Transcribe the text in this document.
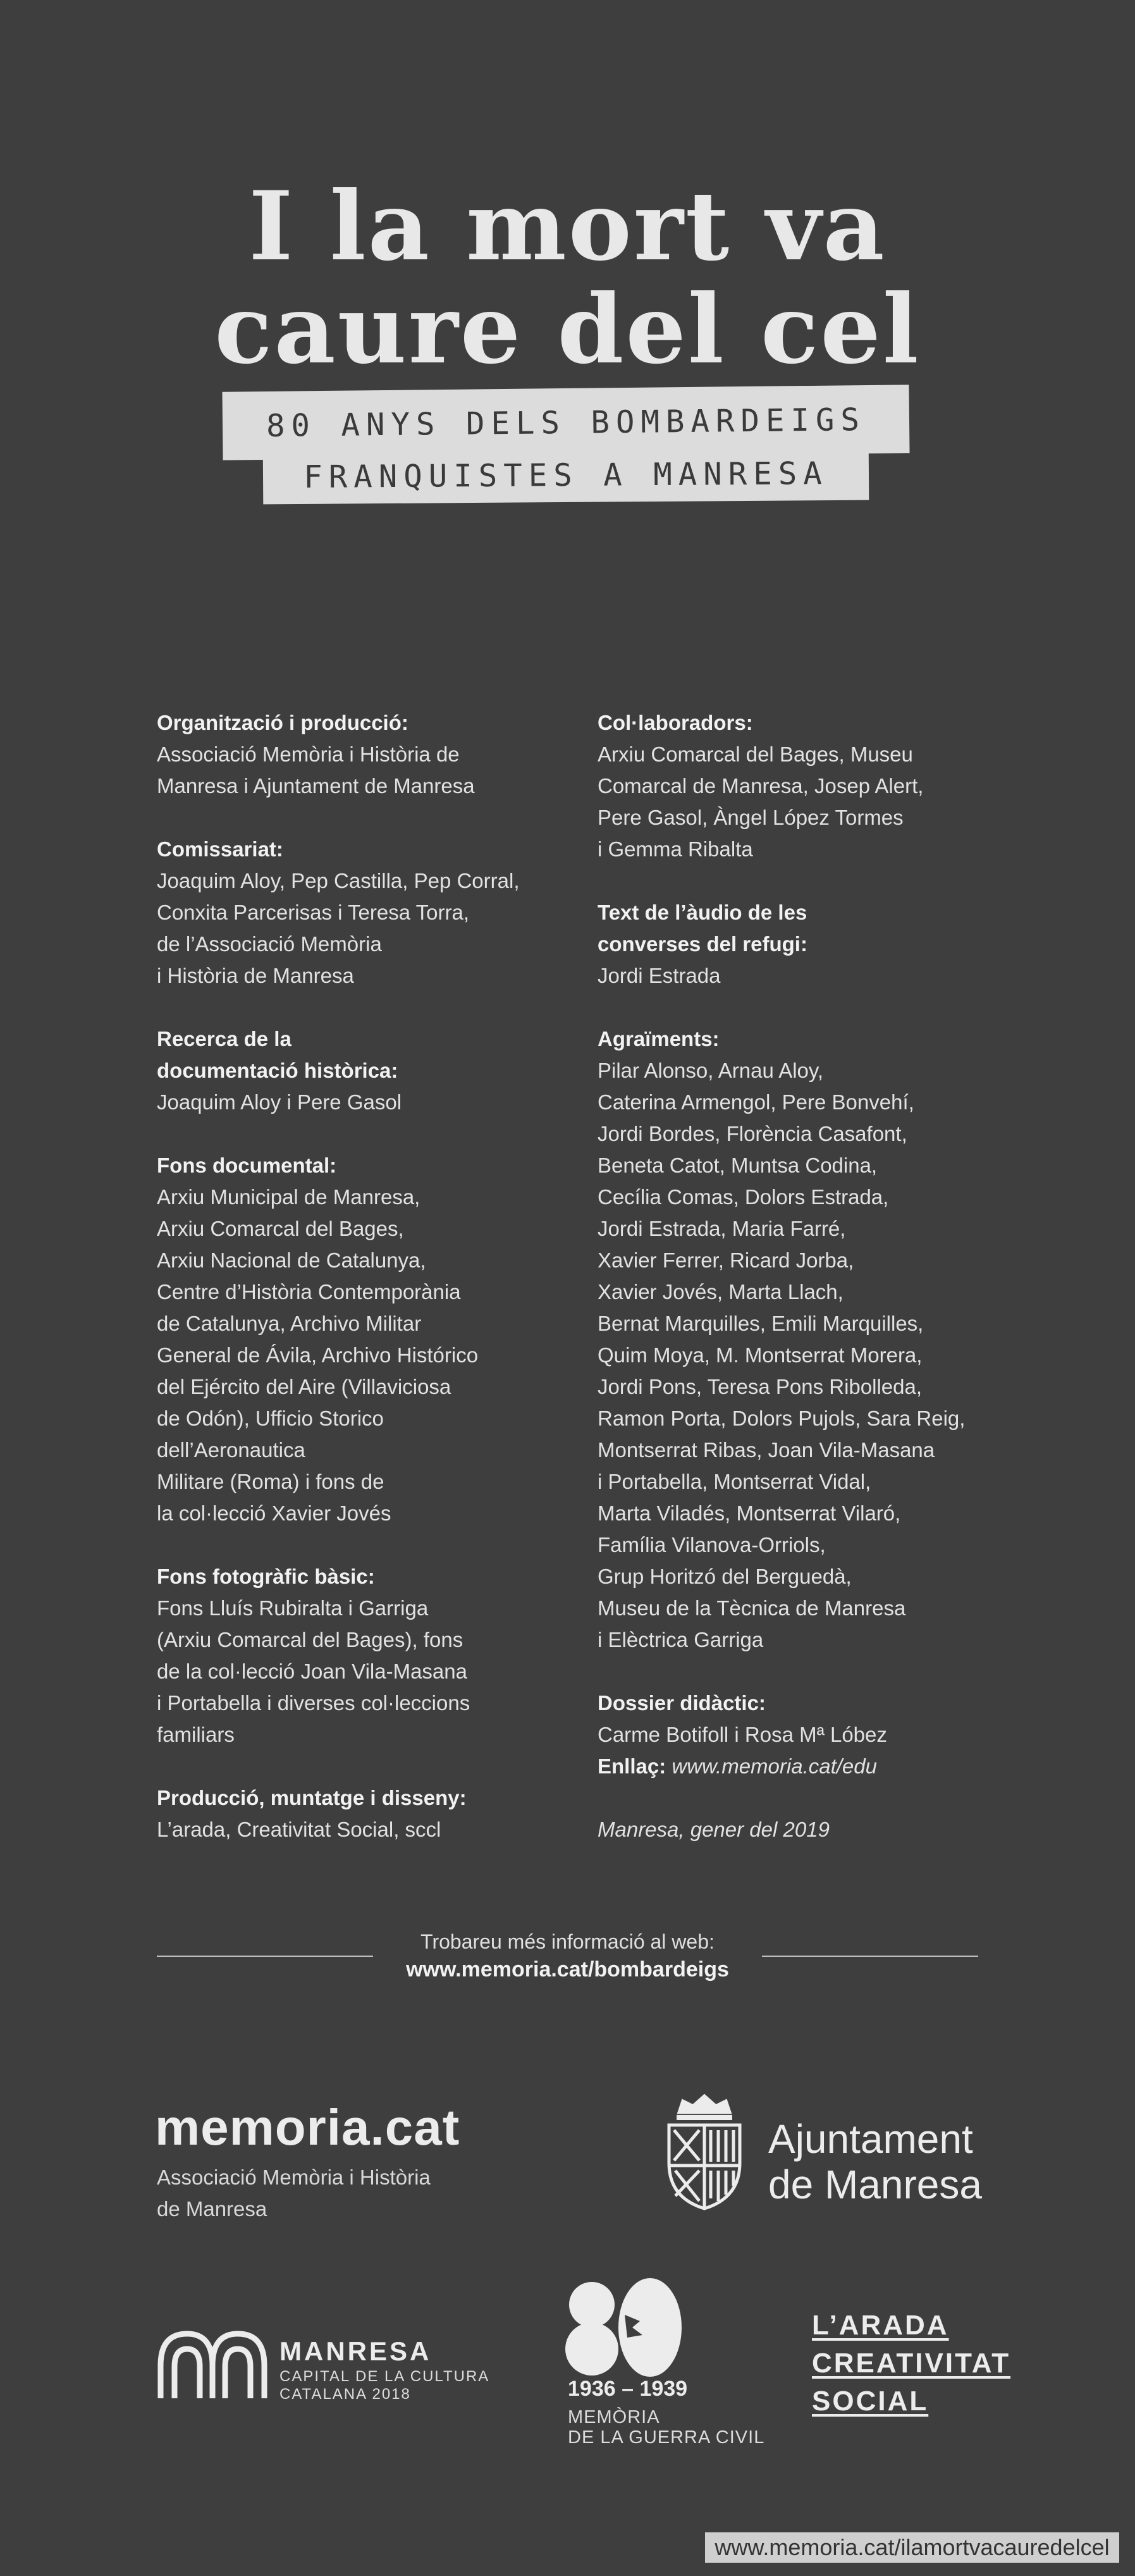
I la mort va
caure del cel
80 ANYS DELS BOMBARDEIGS
FRANQUISTES A MANRESA
Organització i producció:
Associació Memòria i Història de
Manresa i Ajuntament de Manresa
Comissariat:
Joaquim Aloy, Pep Castilla, Pep Corral,
Conxita Parcerisas i Teresa Torra,
de l’Associació Memòria
i Història de Manresa
Recerca de la
documentació històrica:
Joaquim Aloy i Pere Gasol
Fons documental:
Arxiu Municipal de Manresa,
Arxiu Comarcal del Bages,
Arxiu Nacional de Catalunya,
Centre d’Història Contemporània
de Catalunya, Archivo Militar
General de Ávila, Archivo Histórico
del Ejército del Aire (Villaviciosa
de Odón), Ufficio Storico
dell’Aeronautica
Militare (Roma) i fons de
la col·lecció Xavier Jovés
Fons fotogràfic bàsic:
Fons Lluís Rubiralta i Garriga
(Arxiu Comarcal del Bages), fons
de la col·lecció Joan Vila-Masana
i Portabella i diverses col·leccions
familiars
Producció, muntatge i disseny:
L’arada, Creativitat Social, sccl
Col·laboradors:
Arxiu Comarcal del Bages, Museu
Comarcal de Manresa, Josep Alert,
Pere Gasol, Àngel López Tormes
i Gemma Ribalta
Text de l’àudio de les
converses del refugi:
Jordi Estrada
Agraïments:
Pilar Alonso, Arnau Aloy,
Caterina Armengol, Pere Bonvehí,
Jordi Bordes, Florència Casafont,
Beneta Catot, Muntsa Codina,
Cecília Comas, Dolors Estrada,
Jordi Estrada, Maria Farré,
Xavier Ferrer, Ricard Jorba,
Xavier Jovés, Marta Llach,
Bernat Marquilles, Emili Marquilles,
Quim Moya, M. Montserrat Morera,
Jordi Pons, Teresa Pons Ribolleda,
Ramon Porta, Dolors Pujols, Sara Reig,
Montserrat Ribas, Joan Vila-Masana
i Portabella, Montserrat Vidal,
Marta Viladés, Montserrat Vilaró,
Família Vilanova-Orriols,
Grup Horitzó del Berguedà,
Museu de la Tècnica de Manresa
i Elèctrica Garriga
Dossier didàctic:
Carme Botifoll i Rosa Mª Lóbez
Enllaç: www.memoria.cat/edu
Manresa, gener del 2019
Trobareu més informació al web:
www.memoria.cat/bombardeigs
memoria.cat
Associació Memòria i Història
de Manresa
Ajuntament
de Manresa
MANRESA
CAPITAL DE LA CULTURA
CATALANA 2018	1936 – 1939
MEMÒRIA
DE LA GUERRA CIVIL
L’ARADA
CREATIVITAT
SOCIAL
www.memoria.cat/ilamortvacauredelcel
